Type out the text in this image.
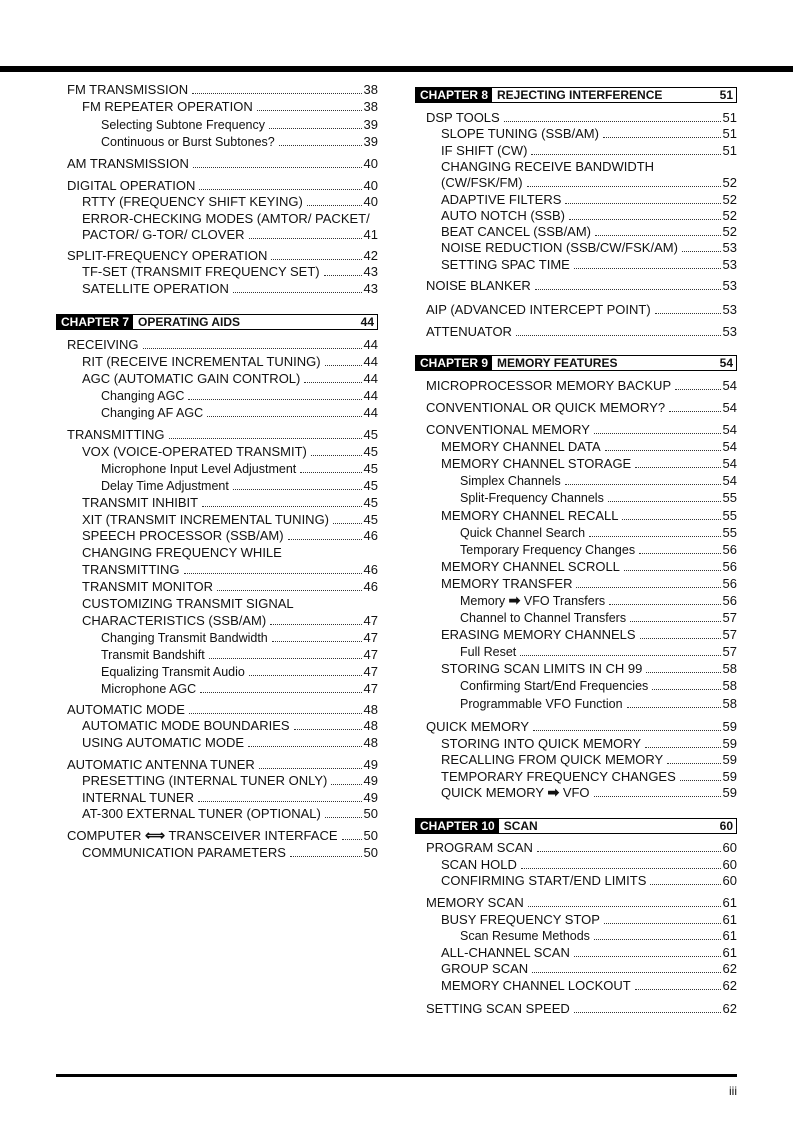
FM TRANSMISSION	38
FM REPEATER OPERATION	38
Selecting Subtone Frequency	39
Continuous or Burst Subtones?	39
AM TRANSMISSION	40
DIGITAL OPERATION	40
RTTY (FREQUENCY SHIFT KEYING)	40
ERROR-CHECKING MODES (AMTOR/ PACKET/
PACTOR/ G-TOR/ CLOVER	41
SPLIT-FREQUENCY OPERATION	42
TF-SET (TRANSMIT FREQUENCY SET)	43
SATELLITE OPERATION	43
CHAPTER 7 OPERATING AIDS	44
RECEIVING	44
RIT (RECEIVE INCREMENTAL TUNING)	44
AGC (AUTOMATIC GAIN CONTROL)	44
Changing AGC	44
Changing AF AGC	44
TRANSMITTING	45
VOX (VOICE-OPERATED TRANSMIT)	45
Microphone Input Level Adjustment	45
Delay Time Adjustment	45
TRANSMIT INHIBIT	45
XIT (TRANSMIT INCREMENTAL TUNING)	45
SPEECH PROCESSOR (SSB/AM)	46
CHANGING FREQUENCY WHILE
TRANSMITTING	46
TRANSMIT MONITOR	46
CUSTOMIZING TRANSMIT SIGNAL
CHARACTERISTICS (SSB/AM)	47
Changing Transmit Bandwidth	47
Transmit Bandshift	47
Equalizing Transmit Audio	47
Microphone AGC	47
AUTOMATIC MODE	48
AUTOMATIC MODE BOUNDARIES	48
USING AUTOMATIC MODE	48
AUTOMATIC ANTENNA TUNER	49
PRESETTING (INTERNAL TUNER ONLY)	49
INTERNAL TUNER	49
AT-300 EXTERNAL TUNER (OPTIONAL)	50
COMPUTER ⟺ TRANSCEIVER INTERFACE 50
COMMUNICATION PARAMETERS	50
CHAPTER 8 REJECTING INTERFERENCE	51
DSP TOOLS	51
SLOPE TUNING (SSB/AM)	51
IF SHIFT (CW)	51
CHANGING RECEIVE BANDWIDTH
(CW/FSK/FM)	52
ADAPTIVE FILTERS	52
AUTO NOTCH (SSB)	52
BEAT CANCEL (SSB/AM)	52
NOISE REDUCTION (SSB/CW/FSK/AM)	53
SETTING SPAC TIME	53
NOISE BLANKER	53
AIP (ADVANCED INTERCEPT POINT)	53
ATTENUATOR	53
CHAPTER 9 MEMORY FEATURES	54
MICROPROCESSOR MEMORY BACKUP	54
CONVENTIONAL OR QUICK MEMORY?	54
CONVENTIONAL MEMORY	54
MEMORY CHANNEL DATA	54
MEMORY CHANNEL STORAGE	54
Simplex Channels	54
Split-Frequency Channels	55
MEMORY CHANNEL RECALL	55
Quick Channel Search	55
Temporary Frequency Changes	56
MEMORY CHANNEL SCROLL	56
MEMORY TRANSFER	56
Memory ➡ VFO Transfers	56
Channel to Channel Transfers	57
ERASING MEMORY CHANNELS	57
Full Reset	57
STORING SCAN LIMITS IN CH 99	58
Confirming Start/End Frequencies	58
Programmable VFO Function	58
QUICK MEMORY	59
STORING INTO QUICK MEMORY	59
RECALLING FROM QUICK MEMORY	59
TEMPORARY FREQUENCY CHANGES	59
QUICK MEMORY ➡ VFO	59
CHAPTER 10 SCAN	60
PROGRAM SCAN	60
SCAN HOLD	60
CONFIRMING START/END LIMITS	60
MEMORY SCAN	61
BUSY FREQUENCY STOP	61
Scan Resume Methods	61
ALL-CHANNEL SCAN	61
GROUP SCAN	62
MEMORY CHANNEL LOCKOUT	62
SETTING SCAN SPEED	62
iii
